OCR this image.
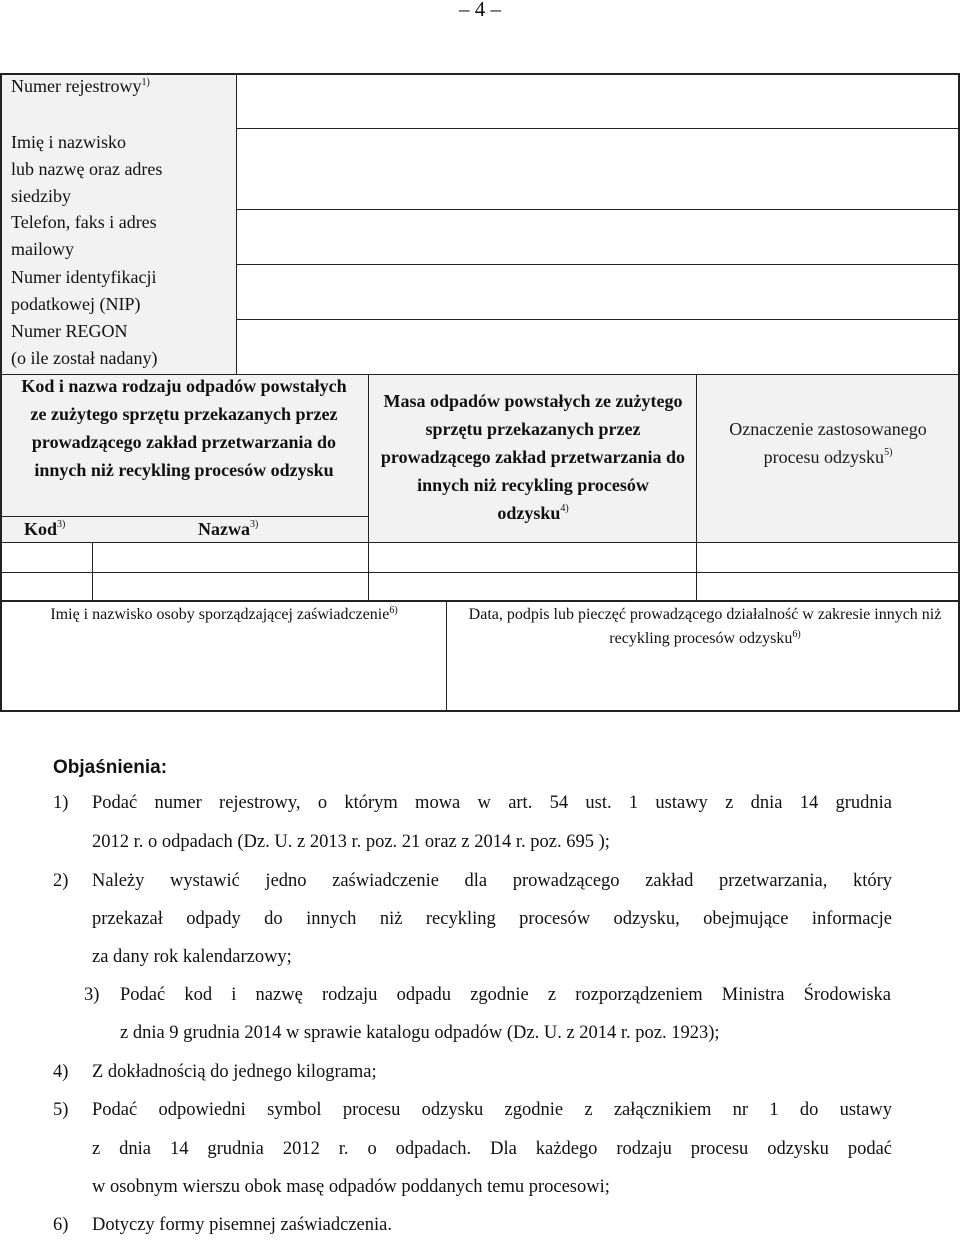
– 4 –
Numer rejestrowy$^{1)}$
Imię i nazwisko
lub nazwę oraz adres
siedziby
Telefon, faks i adres
mailowy
Numer identyfikacji
podatkowej (NIP)
Numer REGON
(o ile został nadany)
Kod i nazwa rodzaju odpadów powstałych ze zużytego sprzętu przekazanych przez prowadzącego zakład przetwarzania do innych niż recykling procesów odzysku
Kod$^{3)}$	Nazwa$^{3)}$
Masa odpadów powstałych ze zużytego sprzętu przekazanych przez prowadzącego zakład przetwarzania do innych niż recykling procesów odzysku$^{4)}$
Oznaczenie zastosowanego procesu odzysku$^{5)}$
Imię i nazwisko osoby sporządzającej zaświadczenie$^{6)}$	Data, podpis lub pieczęć prowadzącego działalność w zakresie innych niż recykling procesów odzysku$^{6)}$
Objaśnienia:
1) Podać numer rejestrowy, o którym mowa w art. 54 ust. 1 ustawy z dnia 14 grudnia
2012 r. o odpadach (Dz. U. z 2013 r. poz. 21 oraz z 2014 r. poz. 695 );
2) Należy wystawić jedno zaświadczenie dla prowadzącego zakład przetwarzania, który
przekazał odpady do innych niż recykling procesów odzysku, obejmujące informacje
za dany rok kalendarzowy;
3) Podać kod i nazwę rodzaju odpadu zgodnie z rozporządzeniem Ministra Środowiska
z dnia 9 grudnia 2014 w sprawie katalogu odpadów (Dz. U. z 2014 r. poz. 1923);
4) Z dokładnością do jednego kilograma;
5) Podać odpowiedni symbol procesu odzysku zgodnie z załącznikiem nr 1 do ustawy
z dnia 14 grudnia 2012 r. o odpadach. Dla każdego rodzaju procesu odzysku podać
w osobnym wierszu obok masę odpadów poddanych temu procesowi;
6) Dotyczy formy pisemnej zaświadczenia.
